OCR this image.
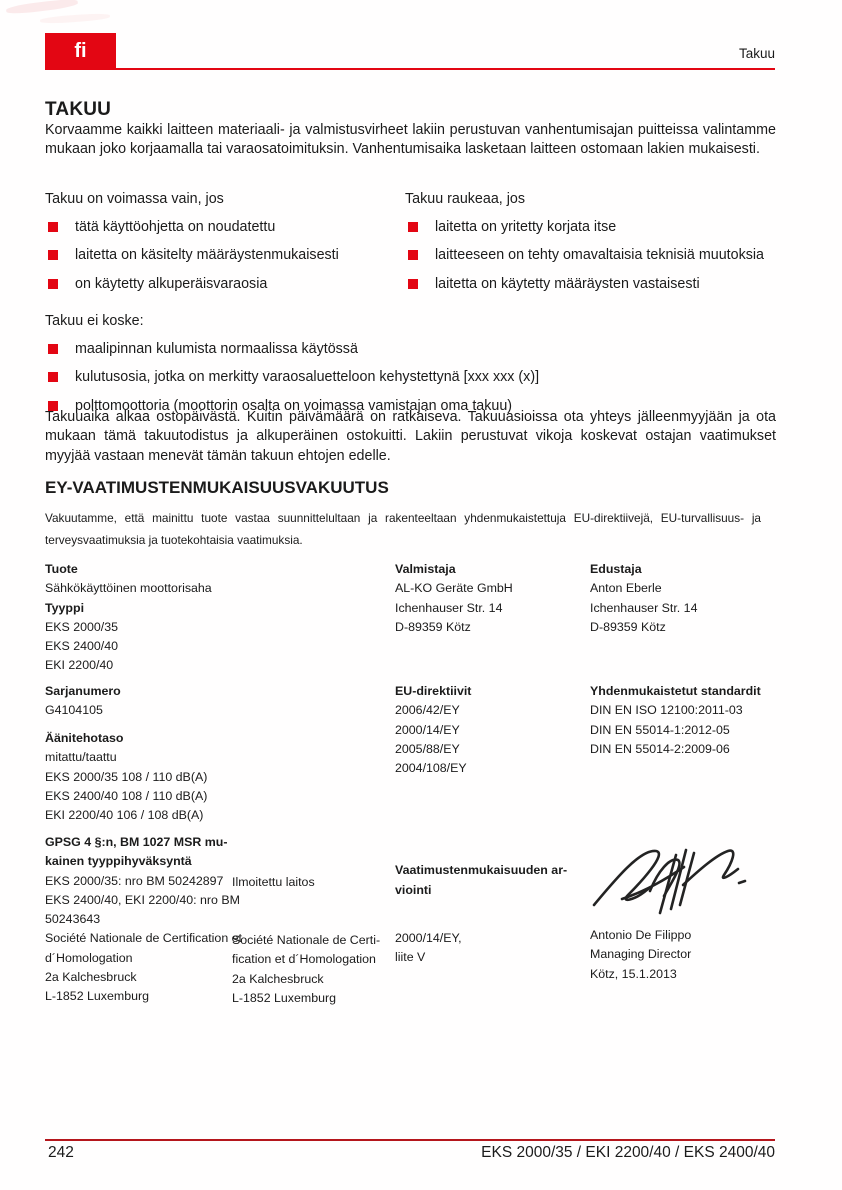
fi	Takuu
TAKUU

Korvaamme kaikki laitteen materiaali- ja valmistusvirheet lakiin perustuvan vanhentumisajan puitteissa valintamme mukaan joko korjaamalla tai varaosatoimituksin. Vanhentumisaika lasketaan laitteen ostomaan lakien mukaisesti.

Takuu on voimassa vain, jos
tätä käyttöohjetta on noudatettu
laitetta on käsitelty määräystenmukaisesti
on käytetty alkuperäisvaraosia
Takuu raukeaa, jos
laitetta on yritetty korjata itse
laitteeseen on tehty omavaltaisia teknisiä muutoksia
laitetta on käytetty määräysten vastaisesti
Takuu ei koske:
maalipinnan kulumista normaalissa käytössä
kulutusosia, jotka on merkitty varaosaluetteloon kehystettynä [xxx xxx (x)]
polttomoottoria (moottorin osalta on voimassa vamistajan oma takuu)

Takuuaika alkaa ostopäivästä. Kuitin päivämäärä on ratkaiseva. Takuuasioissa ota yhteys jälleenmyyjään ja ota mukaan tämä takuutodistus ja alkuperäinen ostokuitti. Lakiin perustuvat vikoja koskevat ostajan vaatimukset myyjää vastaan menevät tämän takuun ehtojen edelle.

EY-VAATIMUSTENMUKAISUUSVAKUUTUS

Vakuutamme, että mainittu tuote vastaa suunnittelultaan ja rakenteeltaan yhdenmukaistettuja EU-direktiivejä, EU-turvallisuus- ja terveysvaatimuksia ja tuotekohtaisia vaatimuksia.

Tuote
Sähkökäyttöinen moottorisaha
Tyyppi
EKS 2000/35
EKS 2400/40
EKI 2200/40
Valmistaja
AL-KO Geräte GmbH
Ichenhauser Str. 14
D-89359 Kötz
Edustaja
Anton Eberle
Ichenhauser Str. 14
D-89359 Kötz
Sarjanumero
G4104105
Äänitehotaso
mitattu/taattu
EKS 2000/35 108 / 110 dB(A)
EKS 2400/40 108 / 110 dB(A)
EKI 2200/40 106 / 108 dB(A)
EU-direktiivit
2006/42/EY
2000/14/EY
2005/88/EY
2004/108/EY
Yhdenmukaistetut standardit
DIN EN ISO 12100:2011-03
DIN EN 55014-1:2012-05
DIN EN 55014-2:2009-06
GPSG 4 §:n, BM 1027 MSR mu-
kainen tyyppihyväksyntä
EKS 2000/35: nro BM 50242897
EKS 2400/40, EKI 2200/40: nro BM 50243643
Société Nationale de Certification et d´Homologation
2a Kalchesbruck
L-1852 Luxemburg
Ilmoitettu laitos
Société Nationale de Certi-
fication et d´Homologation
2a Kalchesbruck
L-1852 Luxemburg
Vaatimustenmukaisuuden ar-
viointi
2000/14/EY,
liite V
Antonio De Filippo
Managing Director
Kötz, 15.1.2013
242	EKS 2000/35 / EKI 2200/40 / EKS 2400/40
